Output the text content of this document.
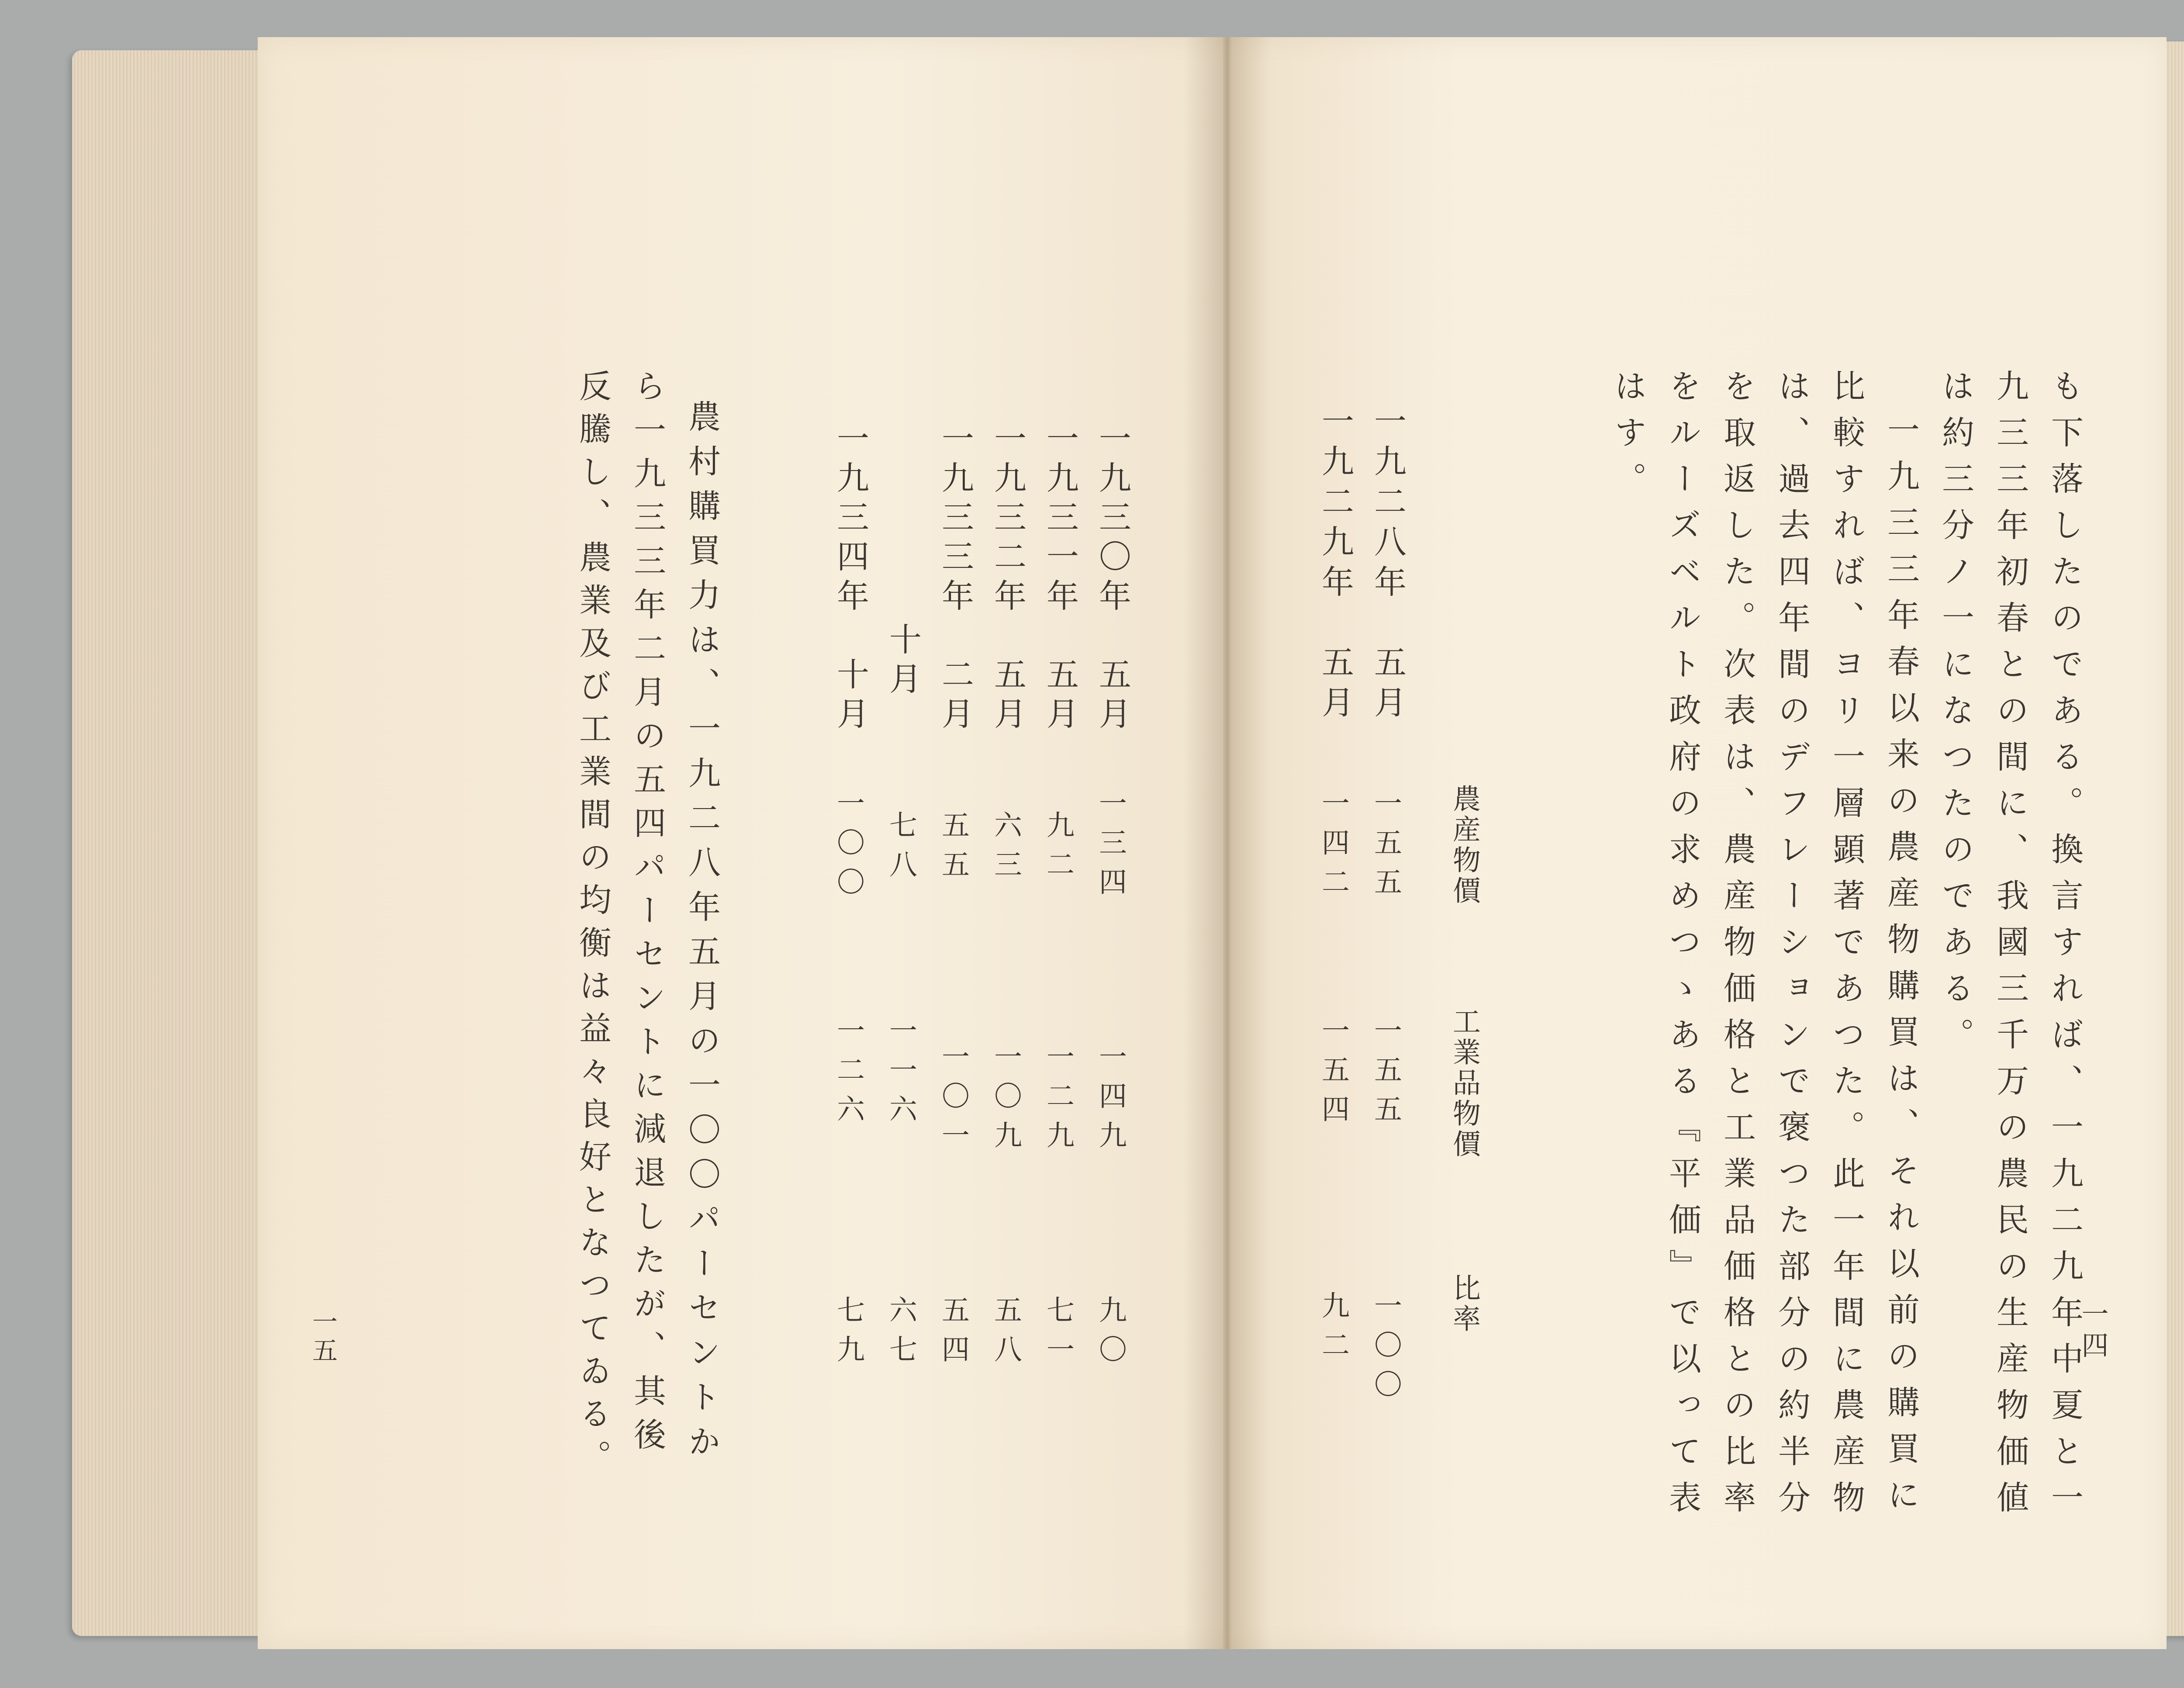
一四
も下落したのである。換言すれば、一九二九年中夏と一
九三三年初春との間に、我國三千万の農民の生産物価値
は約三分ノ一になつたのである。
一九三三年春以来の農産物購買は、それ以前の購買に
比較すれば、ヨリ一層顕著であつた。此一年間に農産物
は、過去四年間のデフレーションで褒つた部分の約半分
を取返した。次表は、農産物価格と工業品価格との比率
をルーズベルト政府の求めつゝある『平価』で以って表
はす。
農産物價
工業品物價
比率
一九二八年　五月
一五五
一五五
一〇〇
一九二九年　五月
一四二
一五四
九二
一九三〇年　五月
一三四
一四九
九〇
一九三一年　五月
九二
一二九
七一
一九三二年　五月
六三
一〇九
五八
一九三三年　二月
五五
一〇一
五四
十月
七八
一一六
六七
一九三四年　十月
一〇〇
一二六
七九
農村購買力は、一九二八年五月の一〇〇パーセントか
ら一九三三年二月の五四パーセントに減退したが、其後
反騰し、農業及び工業間の均衡は益々良好となつてゐる。
一五
